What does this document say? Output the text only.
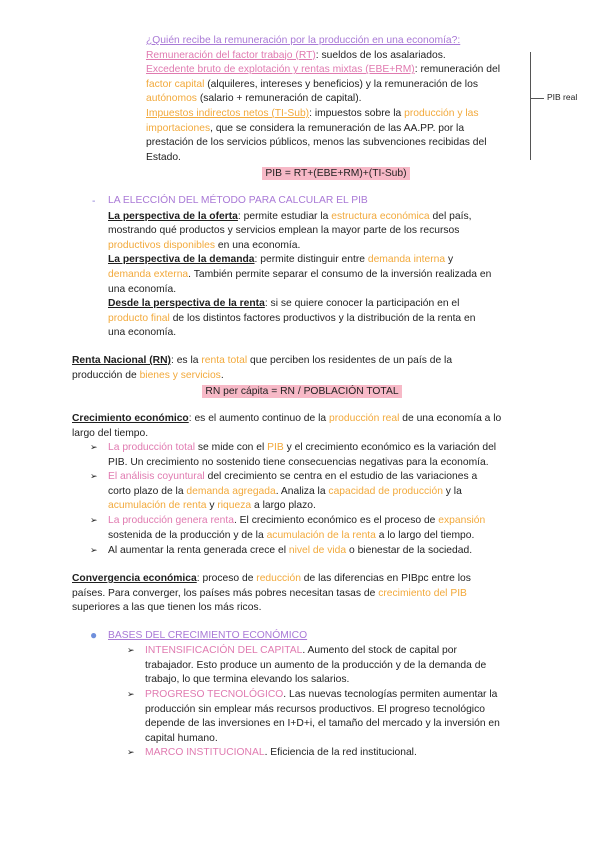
¿Quién recibe la remuneración por la producción en una economía?:
Remuneración del factor trabajo (RT): sueldos de los asalariados.
Excedente bruto de explotación y rentas mixtas (EBE+RM): remuneración del
factor capital (alquileres, intereses y beneficios) y la remuneración de los
autónomos (salario + remuneración de capital).
Impuestos indirectos netos (TI-Sub): impuestos sobre la producción y las
importaciones, que se considera la remuneración de las AA.PP. por la
prestación de los servicios públicos, menos las subvenciones recibidas del
Estado.
PIB = RT+(EBE+RM)+(TI-Sub)
PIB real
- LA ELECCIÓN DEL MÉTODO PARA CALCULAR EL PIB
La perspectiva de la oferta: permite estudiar la estructura económica del país,
mostrando qué productos y servicios emplean la mayor parte de los recursos
productivos disponibles en una economía.
La perspectiva de la demanda: permite distinguir entre demanda interna y
demanda externa. También permite separar el consumo de la inversión realizada en
una economía.
Desde la perspectiva de la renta: si se quiere conocer la participación en el
producto final de los distintos factores productivos y la distribución de la renta en
una economía.
Renta Nacional (RN): es la renta total que perciben los residentes de un país de la
producción de bienes y servicios.
RN per cápita = RN / POBLACIÓN TOTAL
Crecimiento económico: es el aumento continuo de la producción real de una economía a lo
largo del tiempo.
➢ La producción total se mide con el PIB y el crecimiento económico es la variación del
PIB. Un crecimiento no sostenido tiene consecuencias negativas para la economía.
➢ El análisis coyuntural del crecimiento se centra en el estudio de las variaciones a
corto plazo de la demanda agregada. Analiza la capacidad de producción y la
acumulación de renta y riqueza a largo plazo.
➢ La producción genera renta. El crecimiento económico es el proceso de expansión
sostenida de la producción y de la acumulación de la renta a lo largo del tiempo.
➢ Al aumentar la renta generada crece el nivel de vida o bienestar de la sociedad.
Convergencia económica: proceso de reducción de las diferencias en PIBpc entre los
países. Para converger, los países más pobres necesitan tasas de crecimiento del PIB
superiores a las que tienen los más ricos.
● BASES DEL CRECIMIENTO ECONÓMICO
➢ INTENSIFICACIÓN DEL CAPITAL. Aumento del stock de capital por
trabajador. Esto produce un aumento de la producción y de la demanda de
trabajo, lo que termina elevando los salarios.
➢ PROGRESO TECNOLÓGICO. Las nuevas tecnologías permiten aumentar la
producción sin emplear más recursos productivos. El progreso tecnológico
depende de las inversiones en I+D+i, el tamaño del mercado y la inversión en
capital humano.
➢ MARCO INSTITUCIONAL. Eficiencia de la red institucional.
